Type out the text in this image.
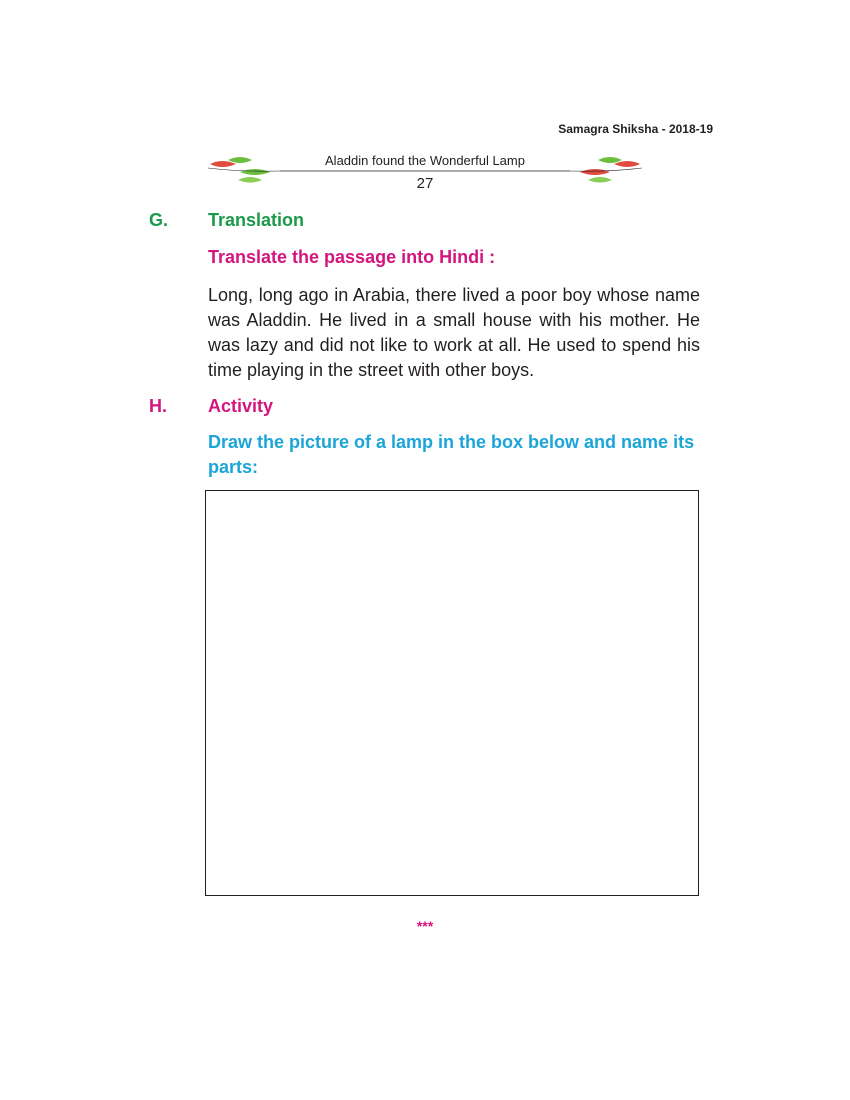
Samagra Shiksha - 2018-19
Aladdin found the Wonderful Lamp
27
G. Translation
Translate the passage into Hindi :
Long, long ago in Arabia, there lived a poor boy whose name was Aladdin. He lived in a small house with his mother. He was lazy and did not like to work at all. He used to spend his time playing in the street with other boys.
H. Activity
Draw the picture of a lamp in the box below and name its parts:
***
